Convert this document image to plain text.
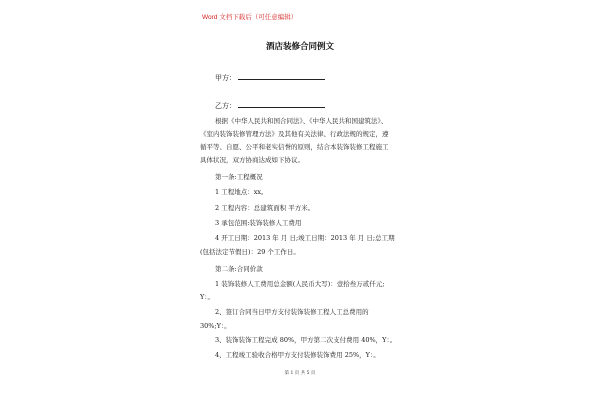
Word 文档下载后（可任意编辑）
酒店装修合同例文
甲方：
乙方：
根据《中华人民共和国合同法》、《中华人民共和国建筑法》、
《室内装饰装修管理方法》及其他有关法律、行政法规的规定，遵
循平等、自愿、公平和老实信誉的原则，结合本装饰装修工程施工
具体状况，双方协商达成如下协议。
第一条:工程概况
1 工程地点：xx。
2 工程内容：总建筑面积 平方米。
3 承包范围:装饰装修人工费用
4 开工日期：2013 年 月 日;竣工日期：2013 年 月 日;总工期
(包括法定节假日)：29 个工作日。
第二条:合同价款
1 装饰装修人工费用总金额(人民币大写)：壹拾叁万贰仟元;
Y：。
2、签订合同当日甲方支付装饰装修工程人工总费用的
30%;Y：。
3、装饰装饰工程完成 80%，甲方第二次支付费用 40%，Y：。
4、工程竣工验收合格甲方支付装修装饰费用 25%，Y：。
第 1 页 共 5 页
